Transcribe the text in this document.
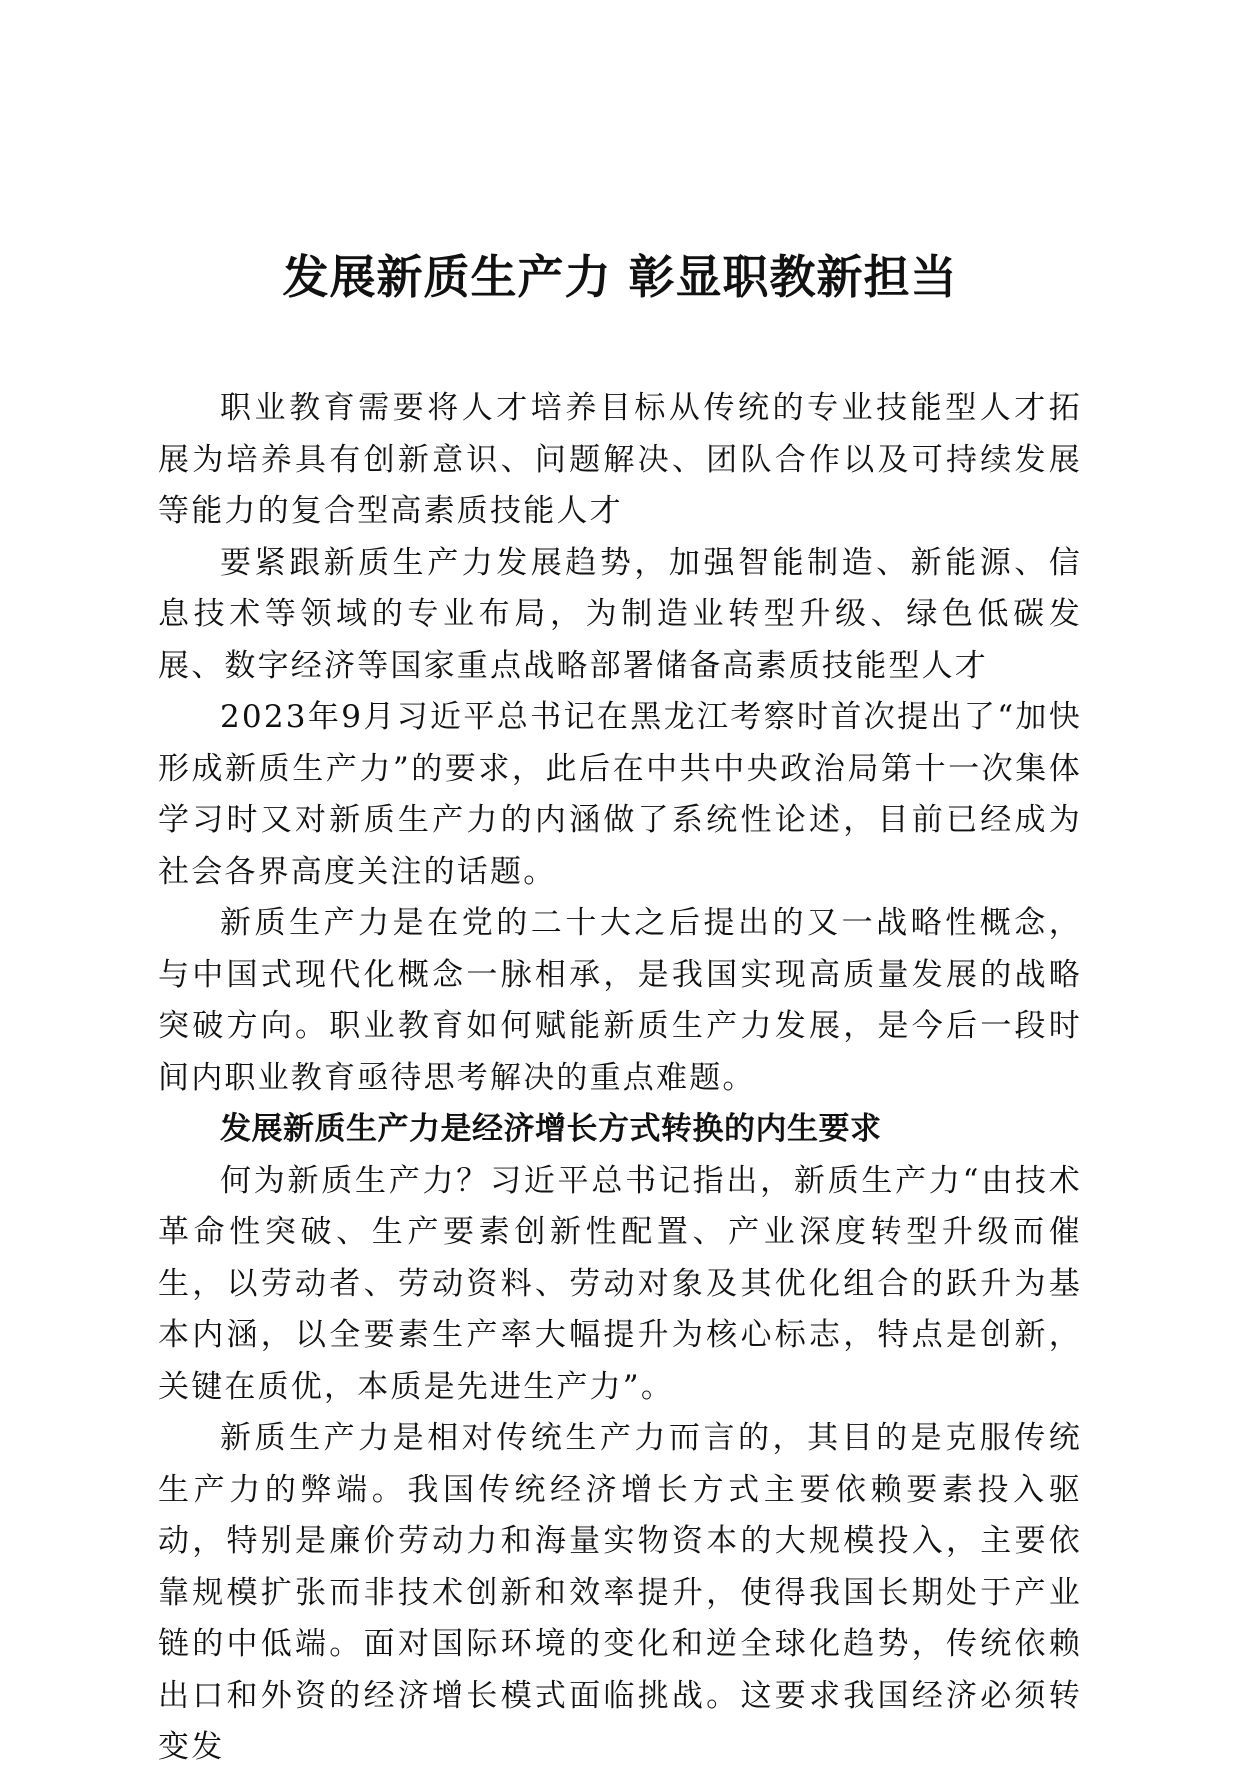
发展新质生产力 彰显职教新担当

职业教育需要将人才培养目标从传统的专业技能型人才拓展为培养具有创新意识、问题解决、团队合作以及可持续发展等能力的复合型高素质技能人才

要紧跟新质生产力发展趋势，加强智能制造、新能源、信息技术等领域的专业布局，为制造业转型升级、绿色低碳发展、数字经济等国家重点战略部署储备高素质技能型人才

2023年9月习近平总书记在黑龙江考察时首次提出了“加快形成新质生产力”的要求，此后在中共中央政治局第十一次集体学习时又对新质生产力的内涵做了系统性论述，目前已经成为社会各界高度关注的话题。

新质生产力是在党的二十大之后提出的又一战略性概念，与中国式现代化概念一脉相承，是我国实现高质量发展的战略突破方向。职业教育如何赋能新质生产力发展，是今后一段时间内职业教育亟待思考解决的重点难题。

发展新质生产力是经济增长方式转换的内生要求

何为新质生产力？习近平总书记指出，新质生产力“由技术革命性突破、生产要素创新性配置、产业深度转型升级而催生，以劳动者、劳动资料、劳动对象及其优化组合的跃升为基本内涵，以全要素生产率大幅提升为核心标志，特点是创新，关键在质优，本质是先进生产力”。

新质生产力是相对传统生产力而言的，其目的是克服传统生产力的弊端。我国传统经济增长方式主要依赖要素投入驱动，特别是廉价劳动力和海量实物资本的大规模投入，主要依靠规模扩张而非技术创新和效率提升，使得我国长期处于产业链的中低端。面对国际环境的变化和逆全球化趋势，传统依赖出口和外资的经济增长模式面临挑战。这要求我国经济必须转变发
